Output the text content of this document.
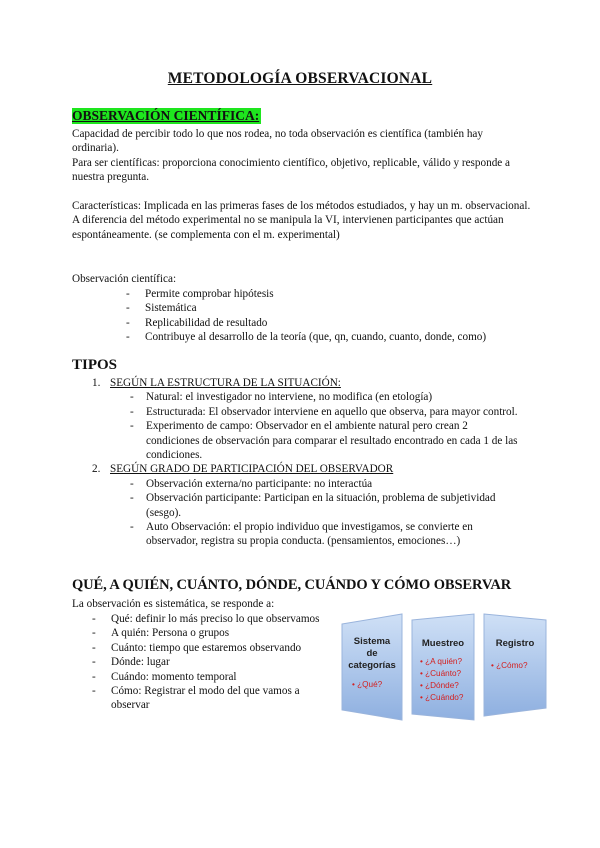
METODOLOGÍA OBSERVACIONAL
OBSERVACIÓN CIENTÍFICA:

Capacidad de percibir todo lo que nos rodea, no toda observación es científica (también hay ordinaria).

Para ser científicas: proporciona conocimiento científico, objetivo, replicable, válido y responde a nuestra pregunta.

Características: Implicada en las primeras fases de los métodos estudiados, y hay un m. observacional.

A diferencia del método experimental no se manipula la VI, intervienen participantes que actúan espontáneamente. (se complementa con el m. experimental)

Observación científica:
- Permite comprobar hipótesis
- Sistemática
- Replicabilidad de resultado
- Contribuye al desarrollo de la teoría (que, qn, cuando, cuanto, donde, como)
TIPOS
1. SEGÚN LA ESTRUCTURA DE LA SITUACIÓN:
- Natural: el investigador no interviene, no modifica (en etología)
- Estructurada: El observador interviene en aquello que observa, para mayor control.
- Experimento de campo: Observador en el ambiente natural pero crean 2 condiciones de observación para comparar el resultado encontrado en cada 1 de las condiciones.
2. SEGÚN GRADO DE PARTICIPACIÓN DEL OBSERVADOR
- Observación externa/no participante: no interactúa
- Observación participante: Participan en la situación, problema de subjetividad (sesgo).
- Auto Observación: el propio individuo que investigamos, se convierte en observador, registra su propia conducta. (pensamientos, emociones…)
QUÉ, A QUIÉN, CUÁNTO, DÓNDE, CUÁNDO Y CÓMO OBSERVAR
La observación es sistemática, se responde a:
- Qué: definir lo más preciso lo que observamos
- A quién: Persona o grupos
- Cuánto: tiempo que estaremos observando
- Dónde: lugar
- Cuándo: momento temporal
- Cómo: Registrar el modo del que vamos a observar
Sistema
de
categorías
• ¿Qué?
Muestreo
• ¿A quién?
• ¿Cuánto?
• ¿Dónde?
• ¿Cuándo?
Registro
• ¿Cómo?
